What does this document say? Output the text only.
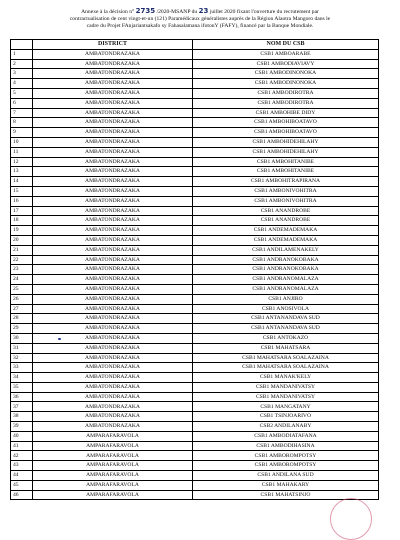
Annexe à la décision n° 2735 /2020-MSANP du 23 juillet 2020 fixant l'ouverture du recrutement par
contractualisation de cent vingt-et-un (121) Paramédicaux généralistes auprès de la Région Alaotra Mangoro dans le
cadre du Projet FAnjariantsakafo sy Fahasalamana ifotonY (FAFY), financé par la Banque Mondiale.
	DISTRICT	NOM DU CSB
1	AMBATONDRAZAKA	CSB1 AMBOARABE
2	AMBATONDRAZAKA	CSB1 AMBODIAVIAVY
3	AMBATONDRAZAKA	CSB1 AMBODINONOKA
4	AMBATONDRAZAKA	CSB1 AMBODINONOKA
5	AMBATONDRAZAKA	CSB1 AMBODIROTRA
6	AMBATONDRAZAKA	CSB1 AMBODIROTRA
7	AMBATONDRAZAKA	CSB1 AMBOHIBE DIDY
8	AMBATONDRAZAKA	CSB1 AMBOHIBOATAVO
9	AMBATONDRAZAKA	CSB1 AMBOHIBOATAVO
10	AMBATONDRAZAKA	CSB1 AMBOHIDEHILAHY
11	AMBATONDRAZAKA	CSB1 AMBOHIDEHILAHY
12	AMBATONDRAZAKA	CSB1 AMBOHITANIBE
13	AMBATONDRAZAKA	CSB1 AMBOHITANIBE
14	AMBATONDRAZAKA	CSB1 AMBOHITRAPIRANA
15	AMBATONDRAZAKA	CSB1 AMBONIVOHITRA
16	AMBATONDRAZAKA	CSB1 AMBONIVOHITRA
17	AMBATONDRAZAKA	CSB1 ANANDROBE
18	AMBATONDRAZAKA	CSB1 ANANDROBE
19	AMBATONDRAZAKA	CSB1 ANDEMADEMAKA
20	AMBATONDRAZAKA	CSB1 ANDEMADEMAKA
21	AMBATONDRAZAKA	CSB1 ANDILAMENAKELY
22	AMBATONDRAZAKA	CSB1 ANDRANOKOBAKA
23	AMBATONDRAZAKA	CSB1 ANDRANOKOBAKA
24	AMBATONDRAZAKA	CSB1 ANDRANOMALAZA
25	AMBATONDRAZAKA	CSB1 ANDRANOMALAZA
26	AMBATONDRAZAKA	CSB1 ANJIRO
27	AMBATONDRAZAKA	CSB1 ANOSIVOLA
28	AMBATONDRAZAKA	CSB1 ANTANANDAVA SUD
29	AMBATONDRAZAKA	CSB1 ANTANANDAVA SUD
30	AMBATONDRAZAKA	CSB1 ANTOKAZO
31	AMBATONDRAZAKA	CSB1 MAHATSARA
32	AMBATONDRAZAKA	CSB1 MAHATSARA SOALAZAINA
33	AMBATONDRAZAKA	CSB1 MAHATSARA SOALAZAINA
34	AMBATONDRAZAKA	CSB1 MANAK'KELY
35	AMBATONDRAZAKA	CSB1 MANDANIVATSY
36	AMBATONDRAZAKA	CSB1 MANDANIVATSY
37	AMBATONDRAZAKA	CSB1 MANGATANY
38	AMBATONDRAZAKA	CSB1 TSINJOARIVO
39	AMBATONDRAZAKA	CSB2 ANDILANABY
40	AMPARAFARAVOLA	CSB1 AMBODIATAFANA
41	AMPARAFARAVOLA	CSB1 AMBODIHASINA
42	AMPARAFARAVOLA	CSB1 AMBOROMPOTSY
43	AMPARAFARAVOLA	CSB1 AMBOROMPOTSY
44	AMPARAFARAVOLA	CSB1 ANDILANA SUD
45	AMPARAFARAVOLA	CSB1 MAHAKARY
46	AMPARAFARAVOLA	CSB1 MAHATSINJO
